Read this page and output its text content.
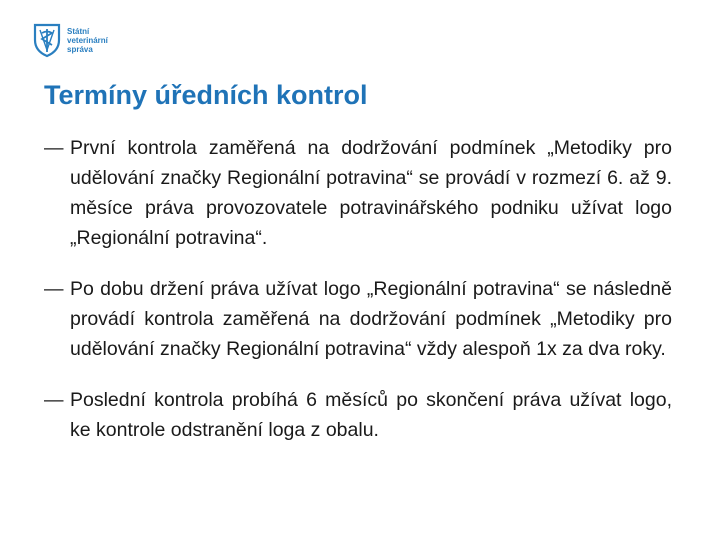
Státní
veterinární
správa
Termíny úředních kontrol
— První kontrola zaměřená na dodržování podmínek „Metodiky pro udělování značky Regionální potravina“ se provádí v rozmezí 6. až 9. měsíce práva provozovatele potravinářského podniku užívat logo „Regionální potravina“.
— Po dobu držení práva užívat logo „Regionální potravina“ se následně provádí kontrola zaměřená na dodržování podmínek „Metodiky pro udělování značky Regionální potravina“ vždy alespoň 1x za dva roky.
— Poslední kontrola probíhá 6 měsíců po skončení práva užívat logo, ke kontrole odstranění loga z obalu.
